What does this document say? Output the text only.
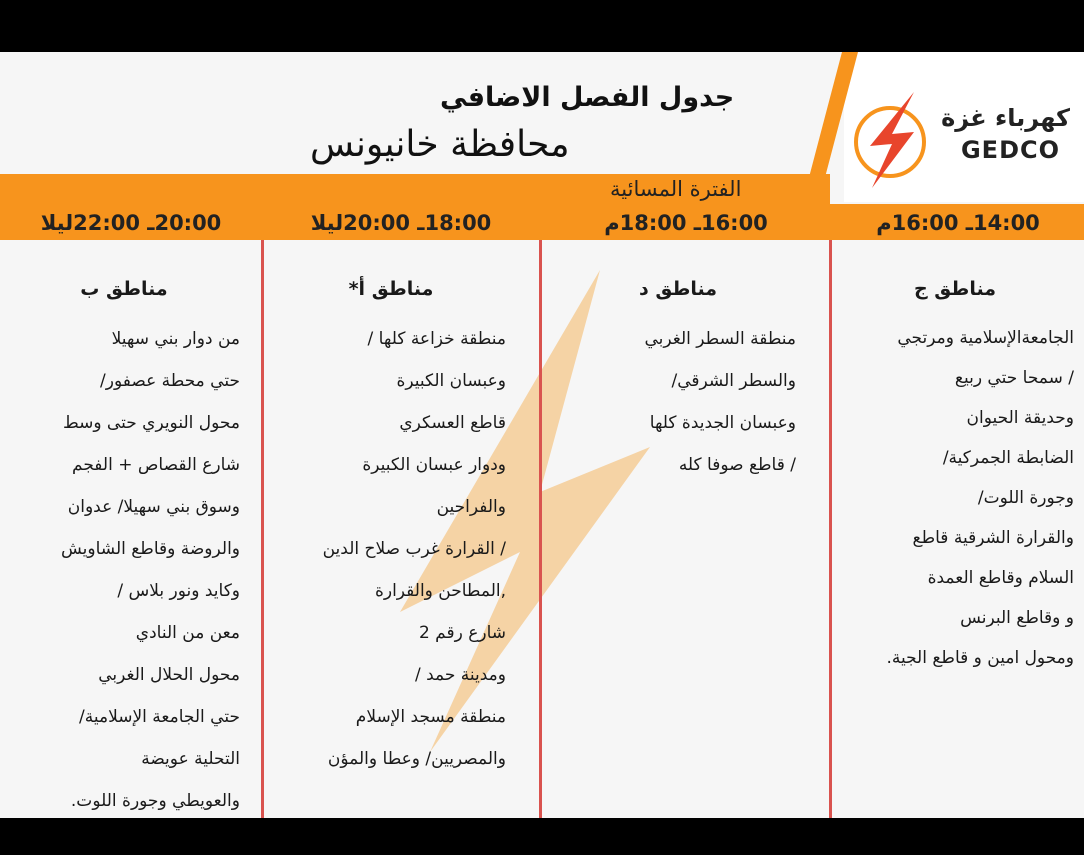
كهرباء غزة
GEDCO
جدول الفصل الاضافي
محافظة خانيونس
الفترة المسائية
14:00ـ 16:00م
16:00ـ 18:00م
18:00ـ 20:00ليلا
20:00ـ 22:00ليلا
مناطق ج
الجامعةالإسلامية ومرتجي
/ سمحا حتي ربيع
وحديقة الحيوان
الضابطة الجمركية/
وجورة اللوت/
والقرارة الشرقية قاطع
السلام وقاطع العمدة
و وقاطع البرنس
ومحول امين و قاطع الجية.
مناطق د
منطقة السطر الغربي
والسطر الشرقي/
وعبسان الجديدة كلها
/ قاطع صوفا كله
مناطق أ*
منطقة خزاعة كلها /
وعبسان الكبيرة
قاطع العسكري
ودوار عبسان الكبيرة
والفراحين
/ القرارة غرب صلاح الدين
,المطاحن والقرارة
شارع رقم 2
ومدينة حمد /
منطقة مسجد الإسلام
والمصريين/ وعطا والمؤن
مناطق ب
من دوار بني سهيلا
حتي محطة عصفور/
محول النويري حتى وسط
شارع القصاص + الفجم
وسوق بني سهيلا/ عدوان
والروضة وقاطع الشاويش
وكايد ونور بلاس /
معن من النادي
محول الحلال الغربي
حتي الجامعة الإسلامية/
التحلية عويضة
والعويطي وجورة اللوت.
